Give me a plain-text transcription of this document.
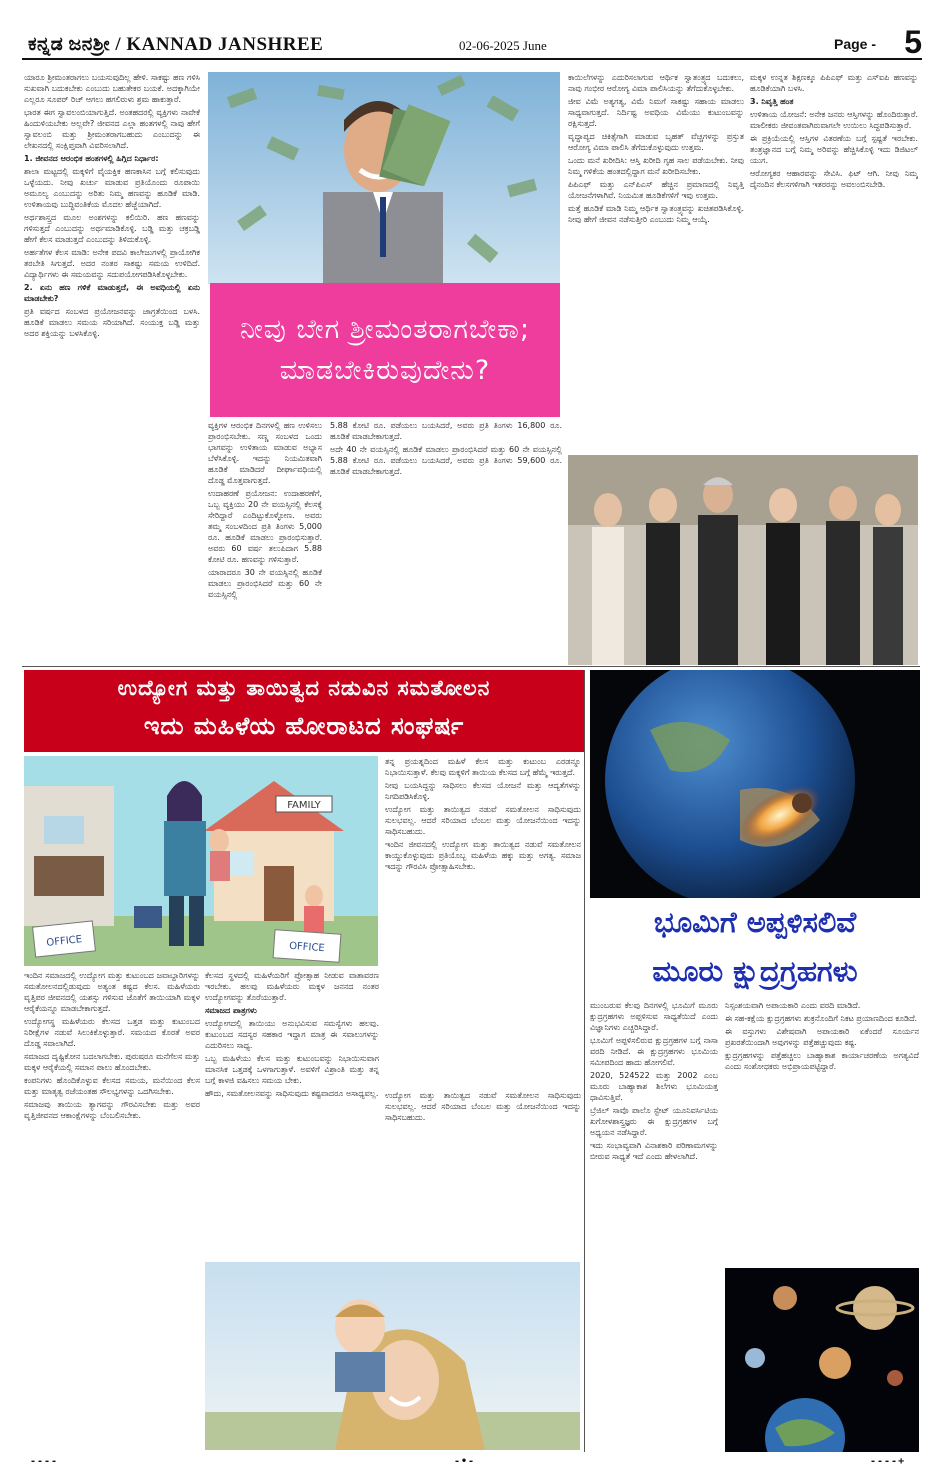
ಕನ್ನಡ ಜನಶ್ರೀ / KANNAD JANSHREE	02-06-2025 June	Page - 5

ಯಾರೂ ಶ್ರೀಮಂತರಾಗಲು ಬಯಸುವುದಿಲ್ಲ ಹೇಳಿ. ಸಾಕಷ್ಟು ಹಣ ಗಳಿಸಿ ಸುಖವಾಗಿ ಬದುಕಬೇಕು ಎಂಬುದು ಬಹುತೇಕರ ಬಯಕೆ. ಅದಕ್ಕಾಗಿಯೇ ಎಲ್ಲರೂ ಸೂಪರ್ ರಿಚ್ ಆಗಲು ಹಗಲಿರುಳು ಶ್ರಮ ಹಾಕುತ್ತಾರೆ.

ಭಾರತ ಈಗ ಸ್ವಾವಲಂಬಿಯಾಗುತ್ತಿದೆ. ಅಂತಹದರಲ್ಲಿ ವ್ಯಕ್ತಿಗಳು ನಾವೇಕೆ ಹಿಂದುಳಿಯಬೇಕು ಅಲ್ಲವೇ? ಜೀವನದ ಎಲ್ಲಾ ಹಂತಗಳಲ್ಲಿ ನಾವು ಹೇಗೆ ಸ್ವಾವಲಂಬಿ ಮತ್ತು ಶ್ರೀಮಂತರಾಗಬಹುದು ಎಂಬುದನ್ನು ಈ ಲೇಖನದಲ್ಲಿ ಸಂಕ್ಷಿಪ್ತವಾಗಿ ವಿವರಿಸಲಾಗಿದೆ.

1. ಜೀವನದ ಆರಂಭಿಕ ಹಂತಗಳಲ್ಲಿ ಹಿಗ್ಗಿದ ನಿರ್ಧಾರ:

ಶಾಲಾ ಮಟ್ಟದಲ್ಲಿ ಮಕ್ಕಳಿಗೆ ವೈಯಕ್ತಿಕ ಹಣಕಾಸಿನ ಬಗ್ಗೆ ಕಲಿಸುವುದು ಒಳ್ಳೆಯದು. ನೀವು ಖರ್ಚು ಮಾಡುವ ಪ್ರತಿಯೊಂದು ರೂಪಾಯಿ ಅಮೂಲ್ಯ ಎಂಬುದನ್ನು ಅರಿತು ನಿಮ್ಮ ಹಣವನ್ನು ಹೂಡಿಕೆ ಮಾಡಿ. ಉಳಿತಾಯವು ಬುದ್ಧಿವಂತಿಕೆಯ ಮೊದಲ ಹೆಜ್ಜೆಯಾಗಿದೆ.

ಅರ್ಥಶಾಸ್ತ್ರದ ಮೂಲ ಅಂಶಗಳನ್ನು ಕಲಿಯಿರಿ. ಹಣ ಹಣವನ್ನು ಗಳಿಸುತ್ತದೆ ಎಂಬುದನ್ನು ಅರ್ಥಮಾಡಿಕೊಳ್ಳಿ. ಬಡ್ಡಿ ಮತ್ತು ಚಕ್ರಬಡ್ಡಿ ಹೇಗೆ ಕೆಲಸ ಮಾಡುತ್ತದೆ ಎಂಬುದನ್ನು ತಿಳಿದುಕೊಳ್ಳಿ.

ಅರ್ಹತೆಗಳ ಕೆಲಸ ಮಾಡಿ: ಅನೇಕ ಪದವಿ ಕಾಲೇಜುಗಳಲ್ಲಿ ಪ್ರಾಯೋಗಿಕ ತರಬೇತಿ ಸಿಗುತ್ತದೆ. ಅದರ ನಂತರ ಸಾಕಷ್ಟು ಸಮಯ ಉಳಿದಿದೆ. ವಿದ್ಯಾರ್ಥಿಗಳು ಈ ಸಮಯವನ್ನು ಸದುಪಯೋಗಪಡಿಸಿಕೊಳ್ಳಬೇಕು.

2. ಏನು ಹಣ ಗಳಿಕೆ ಮಾಡುತ್ತದೆ, ಈ ಅವಧಿಯಲ್ಲಿ ಏನು ಮಾಡಬೇಕು?

ಪ್ರತಿ ವರ್ಷದ ಸಂಬಳದ ಪ್ರಯೋಜನವನ್ನು ಜಾಗ್ರತೆಯಿಂದ ಬಳಸಿ. ಹೂಡಿಕೆ ಮಾಡಲು ಸಮಯ ಸರಿಯಾಗಿದೆ. ಸಂಯುಕ್ತ ಬಡ್ಡಿ ಮತ್ತು ಅದರ ಶಕ್ತಿಯನ್ನು ಬಳಸಿಕೊಳ್ಳಿ.	ನೀವು ಬೇಗ ಶ್ರೀಮಂತರಾಗಬೇಕಾ; ಮಾಡಬೇಕಿರುವುದೇನು?

ವ್ಯಕ್ತಿಗಳ ಆರಂಭಿಕ ದಿನಗಳಲ್ಲಿ ಹಣ ಉಳಿಸಲು ಪ್ರಾರಂಭಿಸಬೇಕು. ಸಣ್ಣ ಸಂಬಳದ ಒಂದು ಭಾಗವನ್ನು ಉಳಿತಾಯ ಮಾಡುವ ಅಭ್ಯಾಸ ಬೆಳೆಸಿಕೊಳ್ಳಿ. ಇದನ್ನು ನಿಯಮಿತವಾಗಿ ಹೂಡಿಕೆ ಮಾಡಿದರೆ ದೀರ್ಘಾವಧಿಯಲ್ಲಿ ದೊಡ್ಡ ಮೊತ್ತವಾಗುತ್ತದೆ.

ಉದಾಹರಣೆ ಪ್ರಯೋಜನ: ಉದಾಹರಣೆಗೆ, ಒಬ್ಬ ವ್ಯಕ್ತಿಯು 20 ನೇ ವಯಸ್ಸಿನಲ್ಲಿ ಕೆಲಸಕ್ಕೆ ಸೇರಿದ್ದಾರೆ ಎಂದಿಟ್ಟುಕೊಳ್ಳೋಣ. ಅವರು ತಮ್ಮ ಸಂಬಳದಿಂದ ಪ್ರತಿ ತಿಂಗಳು 5,000 ರೂ. ಹೂಡಿಕೆ ಮಾಡಲು ಪ್ರಾರಂಭಿಸುತ್ತಾರೆ. ಅವರು 60 ವರ್ಷ ತಲುಪಿದಾಗ 5.88 ಕೋಟಿ ರೂ. ಹಣವನ್ನು ಗಳಿಸುತ್ತಾರೆ.

ಯಾರಾದರೂ 30 ನೇ ವಯಸ್ಸಿನಲ್ಲಿ ಹೂಡಿಕೆ ಮಾಡಲು ಪ್ರಾರಂಭಿಸಿದರೆ ಮತ್ತು 60 ನೇ ವಯಸ್ಸಿನಲ್ಲಿ

5.88 ಕೋಟಿ ರೂ. ಪಡೆಯಲು ಬಯಸಿದರೆ, ಅವರು ಪ್ರತಿ ತಿಂಗಳು 16,800 ರೂ. ಹೂಡಿಕೆ ಮಾಡಬೇಕಾಗುತ್ತದೆ.

ಅದೇ 40 ನೇ ವಯಸ್ಸಿನಲ್ಲಿ ಹೂಡಿಕೆ ಮಾಡಲು ಪ್ರಾರಂಭಿಸಿದರೆ ಮತ್ತು 60 ನೇ ವಯಸ್ಸಿನಲ್ಲಿ 5.88 ಕೋಟಿ ರೂ. ಪಡೆಯಲು ಬಯಸಿದರೆ, ಅವರು ಪ್ರತಿ ತಿಂಗಳು 59,600 ರೂ. ಹೂಡಿಕೆ ಮಾಡಬೇಕಾಗುತ್ತದೆ.

ಕಾಯಿಲೆಗಳನ್ನು ಎದುರಿಸಲಾಗುವ ಆರ್ಥಿಕ ಸ್ವಾತಂತ್ರ್ಯದ ಬದುಕಲು, ನಾವು ಗಂಭೀರ ಆರೋಗ್ಯ ವಿಮಾ ಪಾಲಿಸಿಯನ್ನು ತೆಗೆದುಕೊಳ್ಳಬೇಕು.

ಜೀವ ವಿಮೆ ಅತ್ಯಗತ್ಯ, ವಿಮೆ ನಿಮಗೆ ಸಾಕಷ್ಟು ಸಹಾಯ ಮಾಡಲು ಸಾಧ್ಯವಾಗುತ್ತದೆ. ನಿರ್ದಿಷ್ಟ ಅವಧಿಯ ವಿಮೆಯು ಕುಟುಂಬವನ್ನು ರಕ್ಷಿಸುತ್ತದೆ.

ವೃದ್ಧಾಪ್ಯದ ಚಿಕಿತ್ಸೆಗಾಗಿ ಮಾಡುವ ಬೃಹತ್ ವೆಚ್ಚಗಳನ್ನು ಪ್ರಸ್ತುತ ಆರೋಗ್ಯ ವಿಮಾ ಪಾಲಿಸಿ ತೆಗೆದುಕೊಳ್ಳುವುದು ಉತ್ತಮ.

ಒಂದು ಮನೆ ಖರೀದಿಸಿ: ಆಸ್ತಿ ಖರೀದಿ ಗೃಹ ಸಾಲ ಪಡೆಯಬೇಕು. ನೀವು ನಿಮ್ಮ ಗಳಿಕೆಯ ಹಂತದಲ್ಲಿದ್ದಾಗ ಮನೆ ಖರೀದಿಸಬೇಕು.

ಪಿಪಿಎಫ್ ಮತ್ತು ಎನ್‌ಪಿಎಸ್ ಹೆಚ್ಚಿನ ಪ್ರಮಾಣದಲ್ಲಿ ನಿವೃತ್ತಿ ಯೋಜನೆಗಳಾಗಿವೆ. ನಿಯಮಿತ ಹೂಡಿಕೆಗಳಿಗೆ ಇವು ಉತ್ತಮ.

ಮತ್ತೆ ಹೂಡಿಕೆ ಮಾಡಿ ನಿಮ್ಮ ಆರ್ಥಿಕ ಸ್ವಾತಂತ್ರ್ಯವನ್ನು ಖಚಿತಪಡಿಸಿಕೊಳ್ಳಿ. ನೀವು ಹೇಗೆ ಜೀವನ ನಡೆಸುತ್ತೀರಿ ಎಂಬುದು ನಿಮ್ಮ ಆಯ್ಕೆ.

ಮಕ್ಕಳ ಉನ್ನತ ಶಿಕ್ಷಣಕ್ಕೂ ಪಿಪಿಎಫ್ ಮತ್ತು ಎಸ್‌ಐಪಿ ಹಣವನ್ನು ಹೂಡಿಕೆಯಾಗಿ ಬಳಸಿ.

3. ನಿವೃತ್ತಿ ಹಂತ

ಉಳಿತಾಯ ಯೋಜನೆ: ಅನೇಕ ಜನರು ಆಸ್ತಿಗಳನ್ನು ಹೊಂದಿರುತ್ತಾರೆ. ಮಾಲೀಕರು ಜೀವಂತವಾಗಿರುವಾಗಲೇ ಉಯಿಲು ಸಿದ್ಧಪಡಿಸುತ್ತಾರೆ.

ಈ ಪ್ರಕ್ರಿಯೆಯಲ್ಲಿ ಆಸ್ತಿಗಳ ವಿತರಣೆಯ ಬಗ್ಗೆ ಸ್ಪಷ್ಟತೆ ಇರಬೇಕು. ತಂತ್ರಜ್ಞಾನದ ಬಗ್ಗೆ ನಿಮ್ಮ ಅರಿವನ್ನು ಹೆಚ್ಚಿಸಿಕೊಳ್ಳಿ ಇದು ಡಿಜಿಟಲ್ ಯುಗ.

ಆರೋಗ್ಯಕರ ಆಹಾರವನ್ನು ಸೇವಿಸಿ. ಫಿಟ್ ಆಗಿ. ನೀವು ನಿಮ್ಮ ದೈನಂದಿನ ಕೆಲಸಗಳಿಗಾಗಿ ಇತರರನ್ನು ಅವಲಂಬಿಸಬೇಡಿ.

ಉದ್ಯೋಗ ಮತ್ತು ತಾಯಿತ್ವದ ನಡುವಿನ ಸಮತೋಲನ
ಇದು ಮಹಿಳೆಯ ಹೋರಾಟದ ಸಂಘರ್ಷ
FAMILY
OFFICE	OFFICE

ತನ್ನ ಪ್ರಯತ್ನದಿಂದ ಮಹಿಳೆ ಕೆಲಸ ಮತ್ತು ಕುಟುಂಬ ಎರಡನ್ನೂ ನಿಭಾಯಿಸುತ್ತಾಳೆ. ಕೆಲವು ಮಕ್ಕಳಿಗೆ ತಾಯಿಯ ಕೆಲಸದ ಬಗ್ಗೆ ಹೆಮ್ಮೆ ಇರುತ್ತದೆ.

ನೀವು ಬಯಸಿದ್ದನ್ನು ಸಾಧಿಸಲು ಕೆಲಸದ ಯೋಜನೆ ಮತ್ತು ಆದ್ಯತೆಗಳನ್ನು ನಿಗದಿಪಡಿಸಿಕೊಳ್ಳಿ.

ಉದ್ಯೋಗ ಮತ್ತು ತಾಯಿತ್ವದ ನಡುವೆ ಸಮತೋಲನ ಸಾಧಿಸುವುದು ಸುಲಭವಲ್ಲ. ಆದರೆ ಸರಿಯಾದ ಬೆಂಬಲ ಮತ್ತು ಯೋಜನೆಯಿಂದ ಇದನ್ನು ಸಾಧಿಸಬಹುದು.

ಇಂದಿನ ಜೀವನದಲ್ಲಿ ಉದ್ಯೋಗ ಮತ್ತು ತಾಯಿತ್ವದ ನಡುವೆ ಸಮತೋಲನ ಕಾಯ್ದುಕೊಳ್ಳುವುದು ಪ್ರತಿಯೊಬ್ಬ ಮಹಿಳೆಯ ಹಕ್ಕು ಮತ್ತು ಅಗತ್ಯ. ಸಮಾಜ ಇದನ್ನು ಗೌರವಿಸಿ ಪ್ರೋತ್ಸಾಹಿಸಬೇಕು.

ಇಂದಿನ ಸಮಾಜದಲ್ಲಿ ಉದ್ಯೋಗ ಮತ್ತು ಕುಟುಂಬದ ಜವಾಬ್ದಾರಿಗಳನ್ನು ಸಮತೋಲನದಲ್ಲಿಡುವುದು ಅತ್ಯಂತ ಕಷ್ಟದ ಕೆಲಸ. ಮಹಿಳೆಯರು ವೃತ್ತಿಪರ ಜೀವನದಲ್ಲಿ ಯಶಸ್ಸು ಗಳಿಸುವ ಜೊತೆಗೆ ತಾಯಿಯಾಗಿ ಮಕ್ಕಳ ಆರೈಕೆಯನ್ನೂ ಮಾಡಬೇಕಾಗುತ್ತದೆ.

ಉದ್ಯೋಗಸ್ಥ ಮಹಿಳೆಯರು ಕೆಲಸದ ಒತ್ತಡ ಮತ್ತು ಕುಟುಂಬದ ನಿರೀಕ್ಷೆಗಳ ನಡುವೆ ಸಿಲುಕಿಕೊಳ್ಳುತ್ತಾರೆ. ಸಮಯದ ಕೊರತೆ ಅವರ ದೊಡ್ಡ ಸವಾಲಾಗಿದೆ.

ಸಮಾಜದ ದೃಷ್ಟಿಕೋನ ಬದಲಾಗಬೇಕು. ಪುರುಷರೂ ಮನೆಗೆಲಸ ಮತ್ತು ಮಕ್ಕಳ ಆರೈಕೆಯಲ್ಲಿ ಸಮಾನ ಪಾಲು ಹೊಂದಬೇಕು.

ಕಂಪನಿಗಳು ಹೊಂದಿಕೊಳ್ಳುವ ಕೆಲಸದ ಸಮಯ, ಮನೆಯಿಂದ ಕೆಲಸ ಮತ್ತು ಮಾತೃತ್ವ ರಜೆಯಂತಹ ಸೌಲಭ್ಯಗಳನ್ನು ಒದಗಿಸಬೇಕು.

ಸಮಾಜವು ತಾಯಿಯ ತ್ಯಾಗವನ್ನು ಗೌರವಿಸಬೇಕು ಮತ್ತು ಅವರ ವೃತ್ತಿಜೀವನದ ಆಕಾಂಕ್ಷೆಗಳನ್ನು ಬೆಂಬಲಿಸಬೇಕು.

ಕೆಲಸದ ಸ್ಥಳದಲ್ಲಿ ಮಹಿಳೆಯರಿಗೆ ಪ್ರೋತ್ಸಾಹ ನೀಡುವ ವಾತಾವರಣ ಇರಬೇಕು. ಹಲವು ಮಹಿಳೆಯರು ಮಕ್ಕಳ ಜನನದ ನಂತರ ಉದ್ಯೋಗವನ್ನು ತೊರೆಯುತ್ತಾರೆ.

ಸಮಾಜದ ಪಾತ್ರಗಳು

ಉದ್ಯೋಗದಲ್ಲಿ ತಾಯಿಯು ಅನುಭವಿಸುವ ಸಮಸ್ಯೆಗಳು ಹಲವು. ಕುಟುಂಬದ ಸದಸ್ಯರ ಸಹಕಾರ ಇದ್ದಾಗ ಮಾತ್ರ ಈ ಸವಾಲುಗಳನ್ನು ಎದುರಿಸಲು ಸಾಧ್ಯ.

ಒಬ್ಬ ಮಹಿಳೆಯು ಕೆಲಸ ಮತ್ತು ಕುಟುಂಬವನ್ನು ನಿಭಾಯಿಸುವಾಗ ಮಾನಸಿಕ ಒತ್ತಡಕ್ಕೆ ಒಳಗಾಗುತ್ತಾಳೆ. ಅವಳಿಗೆ ವಿಶ್ರಾಂತಿ ಮತ್ತು ತನ್ನ ಬಗ್ಗೆ ಕಾಳಜಿ ವಹಿಸಲು ಸಮಯ ಬೇಕು.

ಹೌದು, ಸಮತೋಲನವನ್ನು ಸಾಧಿಸುವುದು ಕಷ್ಟವಾದರೂ ಅಸಾಧ್ಯವಲ್ಲ. ಉದ್ಯೋಗ ಮತ್ತು ತಾಯಿತ್ವದ ನಡುವೆ ಸಮತೋಲನ ಸಾಧಿಸುವುದು ಸುಲಭವಲ್ಲ. ಆದರೆ ಸರಿಯಾದ ಬೆಂಬಲ ಮತ್ತು ಯೋಜನೆಯಿಂದ ಇದನ್ನು ಸಾಧಿಸಬಹುದು.

ಭೂಮಿಗೆ ಅಪ್ಪಳಿಸಲಿವೆ
ಮೂರು ಕ್ಷುದ್ರಗ್ರಹಗಳು

ಮುಂಬರುವ ಕೆಲವು ದಿನಗಳಲ್ಲಿ ಭೂಮಿಗೆ ಮೂರು ಕ್ಷುದ್ರಗ್ರಹಗಳು ಅಪ್ಪಳಿಸುವ ಸಾಧ್ಯತೆಯಿದೆ ಎಂದು ವಿಜ್ಞಾನಿಗಳು ಎಚ್ಚರಿಸಿದ್ದಾರೆ.

ಭೂಮಿಗೆ ಅಪ್ಪಳಿಸಲಿರುವ ಕ್ಷುದ್ರಗ್ರಹಗಳ ಬಗ್ಗೆ ನಾಸಾ ವರದಿ ನೀಡಿದೆ. ಈ ಕ್ಷುದ್ರಗ್ರಹಗಳು ಭೂಮಿಯ ಸಮೀಪದಿಂದ ಹಾದು ಹೋಗಲಿವೆ.

2020, 524522 ಮತ್ತು 2002 ಎಂಬ ಮೂರು ಬಾಹ್ಯಾಕಾಶ ಶಿಲೆಗಳು ಭೂಮಿಯತ್ತ ಧಾವಿಸುತ್ತಿವೆ.

ಬ್ರೆಜಿಲ್ ಸಾವೊ ಪಾಲೊ ಸ್ಟೇಟ್ ಯೂನಿವರ್ಸಿಟಿಯ ಖಗೋಳಶಾಸ್ತ್ರಜ್ಞರು ಈ ಕ್ಷುದ್ರಗ್ರಹಗಳ ಬಗ್ಗೆ ಅಧ್ಯಯನ ನಡೆಸಿದ್ದಾರೆ.

ಇದು ಸಂಭಾವ್ಯವಾಗಿ ವಿನಾಶಕಾರಿ ಪರಿಣಾಮಗಳನ್ನು ಬೀರುವ ಸಾಧ್ಯತೆ ಇದೆ ಎಂದು ಹೇಳಲಾಗಿದೆ.

ನಿಸ್ಸಂಶಯವಾಗಿ ಅಪಾಯಕಾರಿ ಎಂದು ವರದಿ ಮಾಡಿದೆ.

ಈ ಸಹ-ಕಕ್ಷೆಯ ಕ್ಷುದ್ರಗ್ರಹಗಳು ಶುಕ್ರನೊಂದಿಗೆ ನಿಕಟ ಪ್ರಯಾಣದಿಂದ ಕೂಡಿದೆ.

ಈ ವಸ್ತುಗಳು ವಿಶೇಷವಾಗಿ ಅಪಾಯಕಾರಿ ಏಕೆಂದರೆ ಸೂರ್ಯನ ಪ್ರಖರತೆಯಿಂದಾಗಿ ಅವುಗಳನ್ನು ಪತ್ತೆಹಚ್ಚುವುದು ಕಷ್ಟ.

ಕ್ಷುದ್ರಗ್ರಹಗಳನ್ನು ಪತ್ತೆಹಚ್ಚಲು ಬಾಹ್ಯಾಕಾಶ ಕಾರ್ಯಾಚರಣೆಯ ಅಗತ್ಯವಿದೆ ಎಂದು ಸಂಶೋಧಕರು ಅಭಿಪ್ರಾಯಪಟ್ಟಿದ್ದಾರೆ.

----	-•-	----+
